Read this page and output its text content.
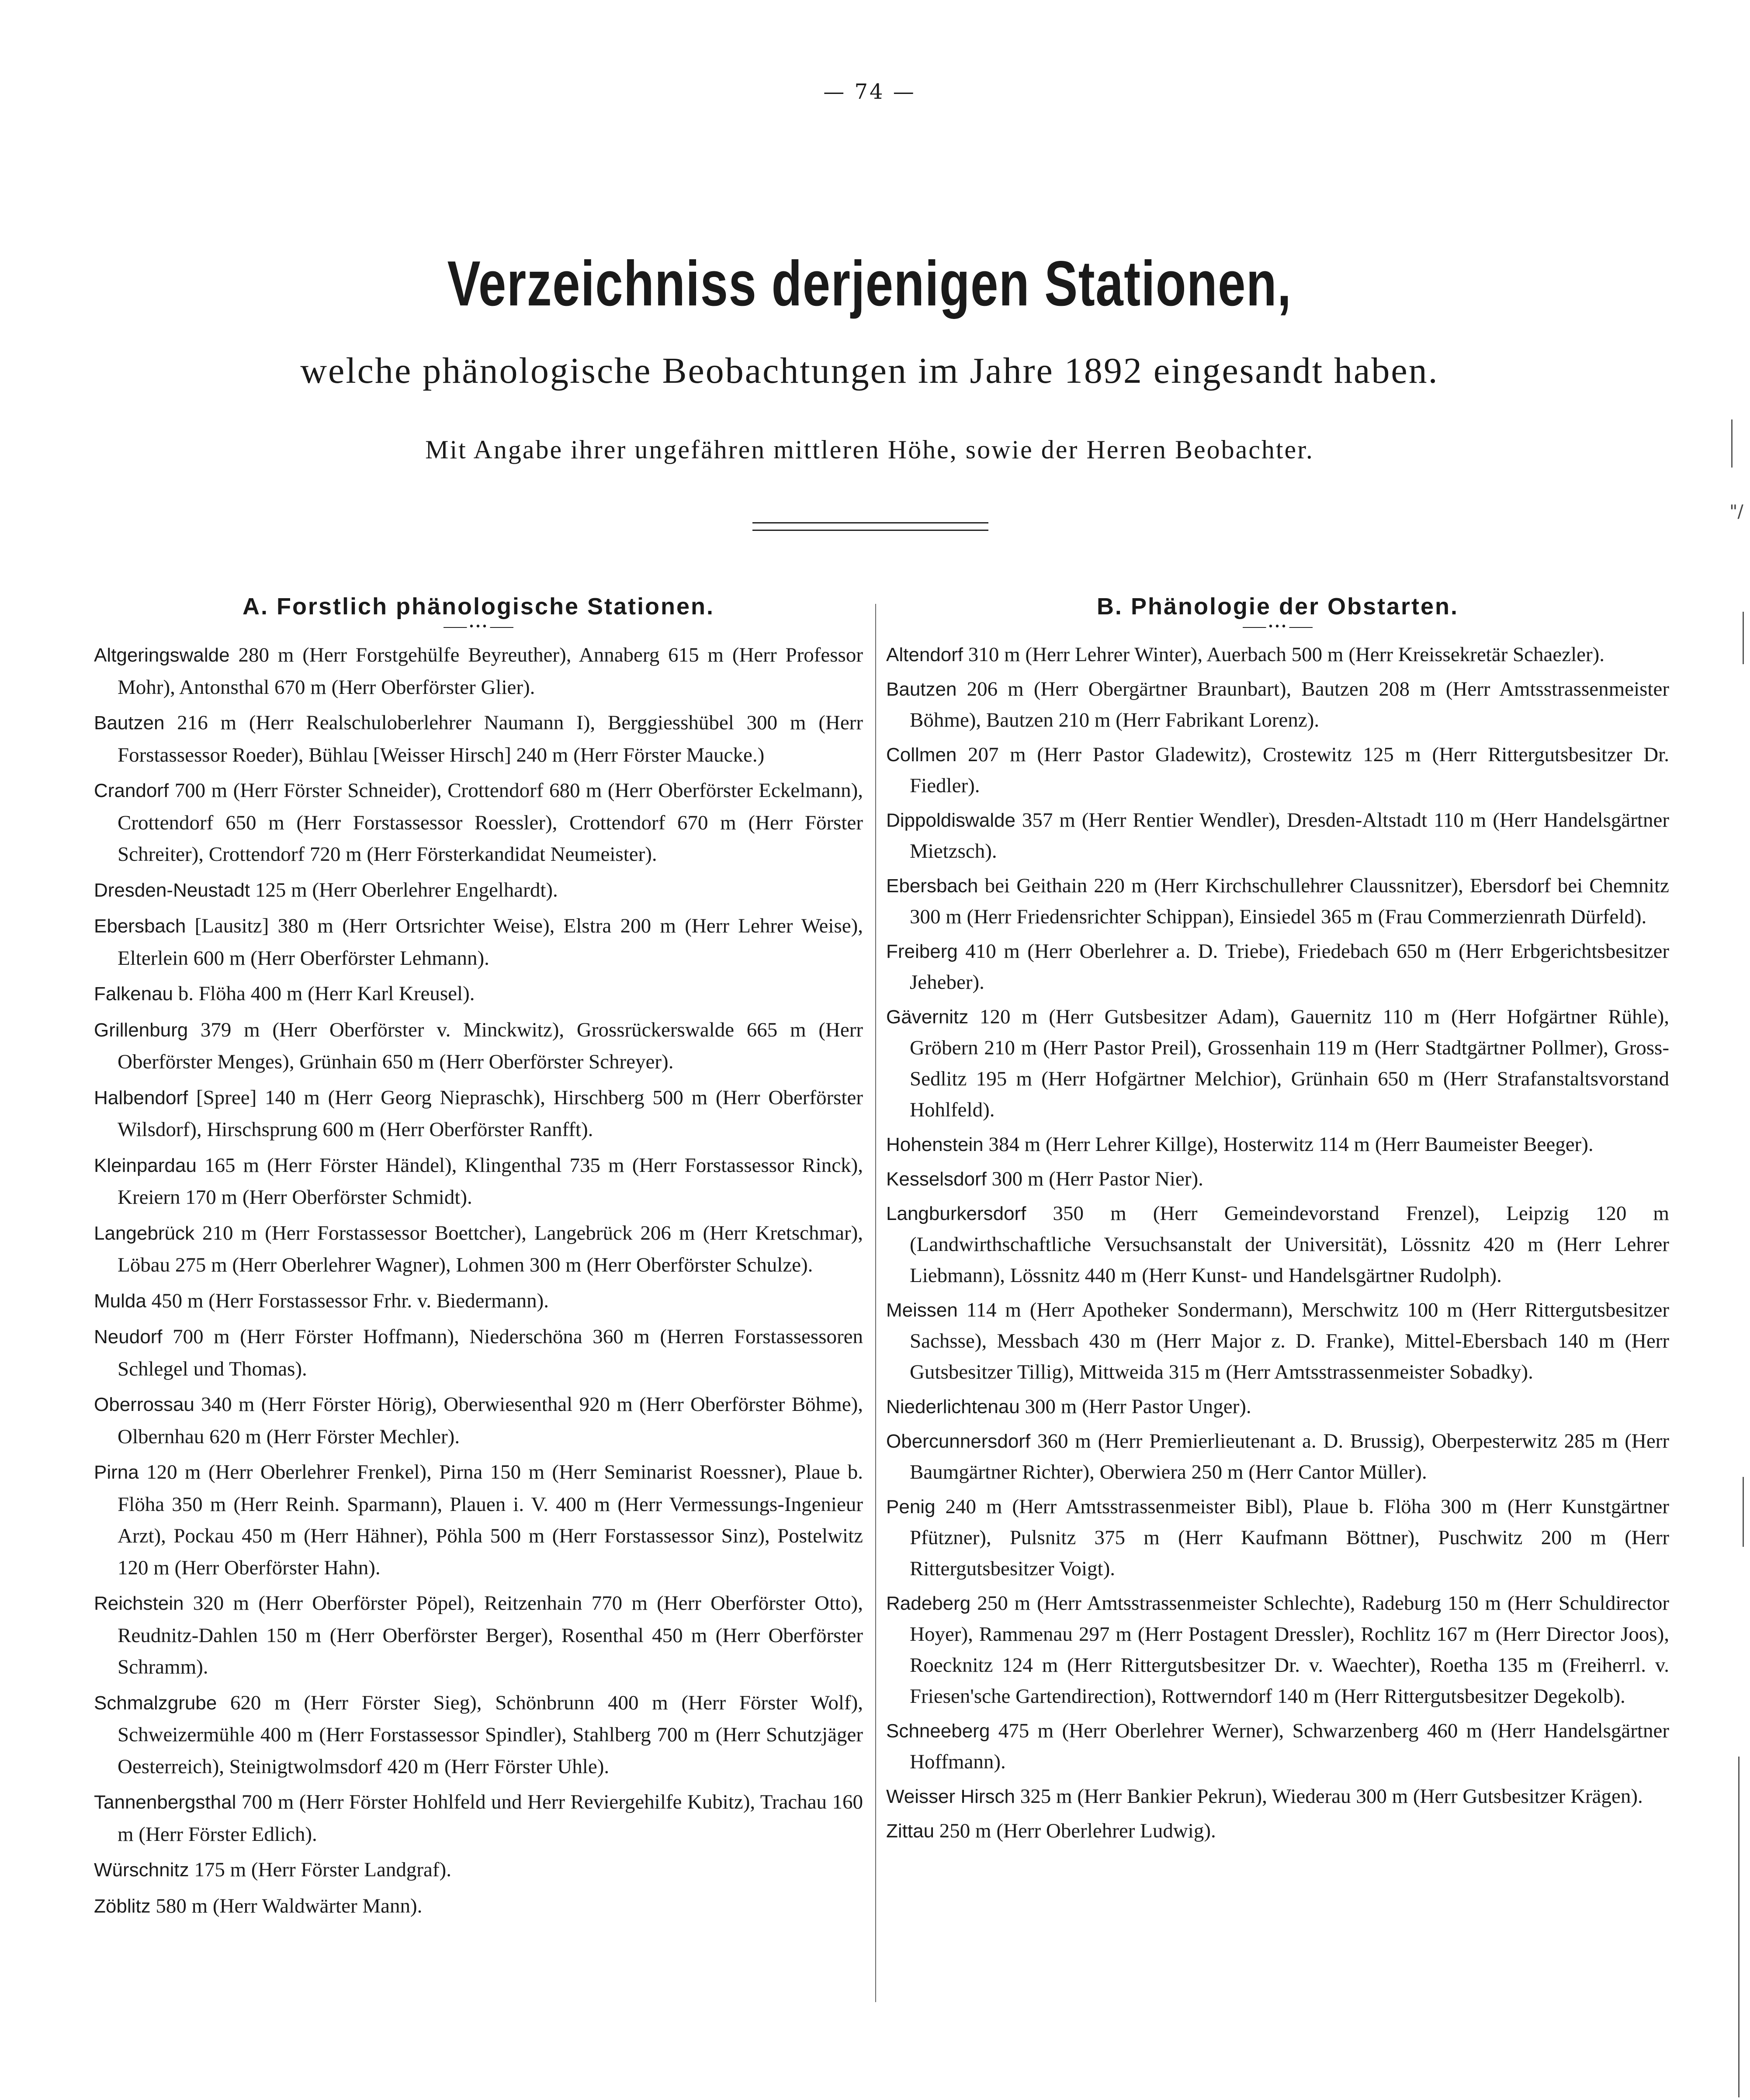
— 74 —
Verzeichniss derjenigen Stationen,
welche phänologische Beobachtungen im Jahre 1892 eingesandt haben.
Mit Angabe ihrer ungefähren mittleren Höhe, sowie der Herren Beobachter.
A. Forstlich phänologische Stationen.
•••
Altgeringswalde 280 m (Herr Forstgehülfe Beyreuther), Annaberg 615 m (Herr Professor Mohr), Antonsthal 670 m (Herr Oberförster Glier).
Bautzen 216 m (Herr Realschuloberlehrer Naumann I), Berggiesshübel 300 m (Herr Forstassessor Roeder), Bühlau [Weisser Hirsch] 240 m (Herr Förster Maucke.)
Crandorf 700 m (Herr Förster Schneider), Crottendorf 680 m (Herr Oberförster Eckelmann), Crottendorf 650 m (Herr Forstassessor Roessler), Crottendorf 670 m (Herr Förster Schreiter), Crottendorf 720 m (Herr Försterkandidat Neumeister).
Dresden-Neustadt 125 m (Herr Oberlehrer Engelhardt).
Ebersbach [Lausitz] 380 m (Herr Ortsrichter Weise), Elstra 200 m (Herr Lehrer Weise), Elterlein 600 m (Herr Oberförster Lehmann).
Falkenau b. Flöha 400 m (Herr Karl Kreusel).
Grillenburg 379 m (Herr Oberförster v. Minckwitz), Grossrückerswalde 665 m (Herr Oberförster Menges), Grünhain 650 m (Herr Oberförster Schreyer).
Halbendorf [Spree] 140 m (Herr Georg Niepraschk), Hirschberg 500 m (Herr Oberförster Wilsdorf), Hirschsprung 600 m (Herr Oberförster Ranfft).
Kleinpardau 165 m (Herr Förster Händel), Klingenthal 735 m (Herr Forstassessor Rinck), Kreiern 170 m (Herr Oberförster Schmidt).
Langebrück 210 m (Herr Forstassessor Boettcher), Langebrück 206 m (Herr Kretschmar), Löbau 275 m (Herr Oberlehrer Wagner), Lohmen 300 m (Herr Oberförster Schulze).
Mulda 450 m (Herr Forstassessor Frhr. v. Biedermann).
Neudorf 700 m (Herr Förster Hoffmann), Niederschöna 360 m (Herren Forstassessoren Schlegel und Thomas).
Oberrossau 340 m (Herr Förster Hörig), Oberwiesenthal 920 m (Herr Oberförster Böhme), Olbernhau 620 m (Herr Förster Mechler).
Pirna 120 m (Herr Oberlehrer Frenkel), Pirna 150 m (Herr Seminarist Roessner), Plaue b. Flöha 350 m (Herr Reinh. Sparmann), Plauen i. V. 400 m (Herr Vermessungs-Ingenieur Arzt), Pockau 450 m (Herr Hähner), Pöhla 500 m (Herr Forstassessor Sinz), Postelwitz 120 m (Herr Oberförster Hahn).
Reichstein 320 m (Herr Oberförster Pöpel), Reitzenhain 770 m (Herr Oberförster Otto), Reudnitz-Dahlen 150 m (Herr Oberförster Berger), Rosenthal 450 m (Herr Oberförster Schramm).
Schmalzgrube 620 m (Herr Förster Sieg), Schönbrunn 400 m (Herr Förster Wolf), Schweizermühle 400 m (Herr Forstassessor Spindler), Stahlberg 700 m (Herr Schutzjäger Oesterreich), Steinigtwolmsdorf 420 m (Herr Förster Uhle).
Tannenbergsthal 700 m (Herr Förster Hohlfeld und Herr Reviergehilfe Kubitz), Trachau 160 m (Herr Förster Edlich).
Würschnitz 175 m (Herr Förster Landgraf).
Zöblitz 580 m (Herr Waldwärter Mann).
B. Phänologie der Obstarten.
•••
Altendorf 310 m (Herr Lehrer Winter), Auerbach 500 m (Herr Kreissekretär Schaezler).
Bautzen 206 m (Herr Obergärtner Braunbart), Bautzen 208 m (Herr Amtsstrassenmeister Böhme), Bautzen 210 m (Herr Fabrikant Lorenz).
Collmen 207 m (Herr Pastor Gladewitz), Crostewitz 125 m (Herr Rittergutsbesitzer Dr. Fiedler).
Dippoldiswalde 357 m (Herr Rentier Wendler), Dresden-Altstadt 110 m (Herr Handelsgärtner Mietzsch).
Ebersbach bei Geithain 220 m (Herr Kirchschullehrer Claussnitzer), Ebersdorf bei Chemnitz 300 m (Herr Friedensrichter Schippan), Einsiedel 365 m (Frau Commerzienrath Dürfeld).
Freiberg 410 m (Herr Oberlehrer a. D. Triebe), Friedebach 650 m (Herr Erbgerichtsbesitzer Jeheber).
Gävernitz 120 m (Herr Gutsbesitzer Adam), Gauernitz 110 m (Herr Hofgärtner Rühle), Gröbern 210 m (Herr Pastor Preil), Grossenhain 119 m (Herr Stadtgärtner Pollmer), Gross-Sedlitz 195 m (Herr Hofgärtner Melchior), Grünhain 650 m (Herr Strafanstaltsvorstand Hohlfeld).
Hohenstein 384 m (Herr Lehrer Killge), Hosterwitz 114 m (Herr Baumeister Beeger).
Kesselsdorf 300 m (Herr Pastor Nier).
Langburkersdorf 350 m (Herr Gemeindevorstand Frenzel), Leipzig 120 m (Landwirthschaftliche Versuchsanstalt der Universität), Lössnitz 420 m (Herr Lehrer Liebmann), Lössnitz 440 m (Herr Kunst- und Handelsgärtner Rudolph).
Meissen 114 m (Herr Apotheker Sondermann), Merschwitz 100 m (Herr Rittergutsbesitzer Sachsse), Messbach 430 m (Herr Major z. D. Franke), Mittel-Ebersbach 140 m (Herr Gutsbesitzer Tillig), Mittweida 315 m (Herr Amtsstrassenmeister Sobadky).
Niederlichtenau 300 m (Herr Pastor Unger).
Obercunnersdorf 360 m (Herr Premierlieutenant a. D. Brussig), Oberpesterwitz 285 m (Herr Baumgärtner Richter), Oberwiera 250 m (Herr Cantor Müller).
Penig 240 m (Herr Amtsstrassenmeister Bibl), Plaue b. Flöha 300 m (Herr Kunstgärtner Pfützner), Pulsnitz 375 m (Herr Kaufmann Böttner), Puschwitz 200 m (Herr Rittergutsbesitzer Voigt).
Radeberg 250 m (Herr Amtsstrassenmeister Schlechte), Radeburg 150 m (Herr Schuldirector Hoyer), Rammenau 297 m (Herr Postagent Dressler), Rochlitz 167 m (Herr Director Joos), Roecknitz 124 m (Herr Rittergutsbesitzer Dr. v. Waechter), Roetha 135 m (Freiherrl. v. Friesen'sche Gartendirection), Rottwerndorf 140 m (Herr Rittergutsbesitzer Degekolb).
Schneeberg 475 m (Herr Oberlehrer Werner), Schwarzenberg 460 m (Herr Handelsgärtner Hoffmann).
Weisser Hirsch 325 m (Herr Bankier Pekrun), Wiederau 300 m (Herr Gutsbesitzer Krägen).
Zittau 250 m (Herr Oberlehrer Ludwig).
"/
